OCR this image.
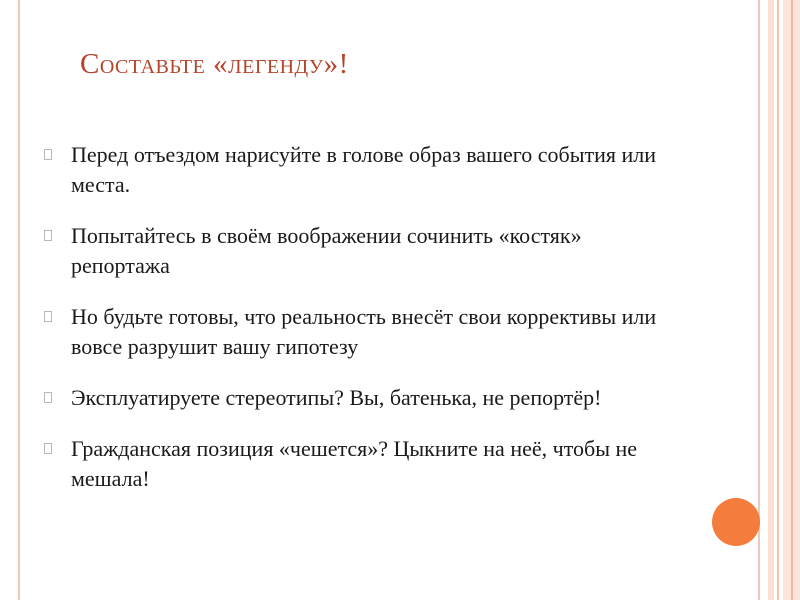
Составьте «легенду»!
Перед отъездом нарисуйте в голове образ вашего события или места.
Попытайтесь в своём воображении сочинить «костяк» репортажа
Но будьте готовы, что реальность внесёт свои коррективы или вовсе разрушит вашу гипотезу
Эксплуатируете стереотипы? Вы, батенька, не репортёр!
Гражданская позиция «чешется»? Цыкните на неё, чтобы не мешала!
